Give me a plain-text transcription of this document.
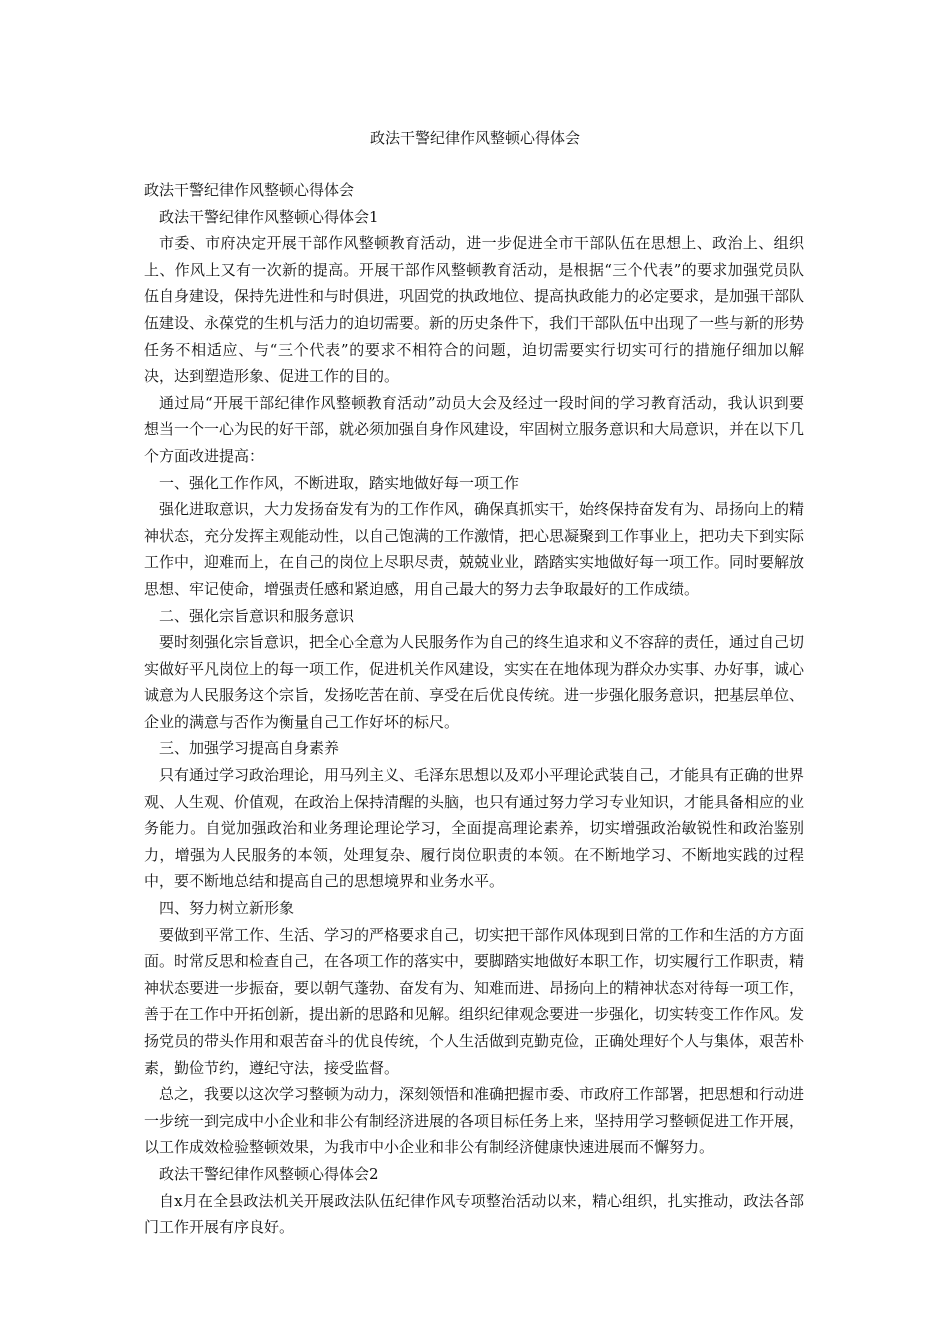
政法干警纪律作风整顿心得体会

政法干警纪律作风整顿心得体会

政法干警纪律作风整顿心得体会1

市委、市府决定开展干部作风整顿教育活动，进一步促进全市干部队伍在思想上、政治上、组织上、作风上又有一次新的提高。开展干部作风整顿教育活动，是根据“三个代表”的要求加强党员队伍自身建设，保持先进性和与时俱进，巩固党的执政地位、提高执政能力的必定要求，是加强干部队伍建设、永葆党的生机与活力的迫切需要。新的历史条件下，我们干部队伍中出现了一些与新的形势任务不相适应、与“三个代表”的要求不相符合的问题，迫切需要实行切实可行的措施仔细加以解决，达到塑造形象、促进工作的目的。

通过局“开展干部纪律作风整顿教育活动”动员大会及经过一段时间的学习教育活动，我认识到要想当一个一心为民的好干部，就必须加强自身作风建设，牢固树立服务意识和大局意识，并在以下几个方面改进提高：

一、强化工作作风，不断进取，踏实地做好每一项工作

强化进取意识，大力发扬奋发有为的工作作风，确保真抓实干，始终保持奋发有为、昂扬向上的精神状态，充分发挥主观能动性，以自己饱满的工作激情，把心思凝聚到工作事业上，把功夫下到实际工作中，迎难而上，在自己的岗位上尽职尽责，兢兢业业，踏踏实实地做好每一项工作。同时要解放思想、牢记使命，增强责任感和紧迫感，用自己最大的努力去争取最好的工作成绩。

二、强化宗旨意识和服务意识

要时刻强化宗旨意识，把全心全意为人民服务作为自己的终生追求和义不容辞的责任，通过自己切实做好平凡岗位上的每一项工作，促进机关作风建设，实实在在地体现为群众办实事、办好事，诚心诚意为人民服务这个宗旨，发扬吃苦在前、享受在后优良传统。进一步强化服务意识，把基层单位、企业的满意与否作为衡量自己工作好坏的标尺。

三、加强学习提高自身素养

只有通过学习政治理论，用马列主义、毛泽东思想以及邓小平理论武装自己，才能具有正确的世界观、人生观、价值观，在政治上保持清醒的头脑，也只有通过努力学习专业知识，才能具备相应的业务能力。自觉加强政治和业务理论理论学习，全面提高理论素养，切实增强政治敏锐性和政治鉴别力，增强为人民服务的本领，处理复杂、履行岗位职责的本领。在不断地学习、不断地实践的过程中，要不断地总结和提高自己的思想境界和业务水平。

四、努力树立新形象

要做到平常工作、生活、学习的严格要求自己，切实把干部作风体现到日常的工作和生活的方方面面。时常反思和检查自己，在各项工作的落实中，要脚踏实地做好本职工作，切实履行工作职责，精神状态要进一步振奋，要以朝气蓬勃、奋发有为、知难而进、昂扬向上的精神状态对待每一项工作，善于在工作中开拓创新，提出新的思路和见解。组织纪律观念要进一步强化，切实转变工作作风。发扬党员的带头作用和艰苦奋斗的优良传统，个人生活做到克勤克俭，正确处理好个人与集体，艰苦朴素，勤俭节约，遵纪守法，接受监督。

总之，我要以这次学习整顿为动力，深刻领悟和准确把握市委、市政府工作部署，把思想和行动进一步统一到完成中小企业和非公有制经济进展的各项目标任务上来，坚持用学习整顿促进工作开展，以工作成效检验整顿效果，为我市中小企业和非公有制经济健康快速进展而不懈努力。

政法干警纪律作风整顿心得体会2

自x月在全县政法机关开展政法队伍纪律作风专项整治活动以来，精心组织，扎实推动，政法各部门工作开展有序良好。
